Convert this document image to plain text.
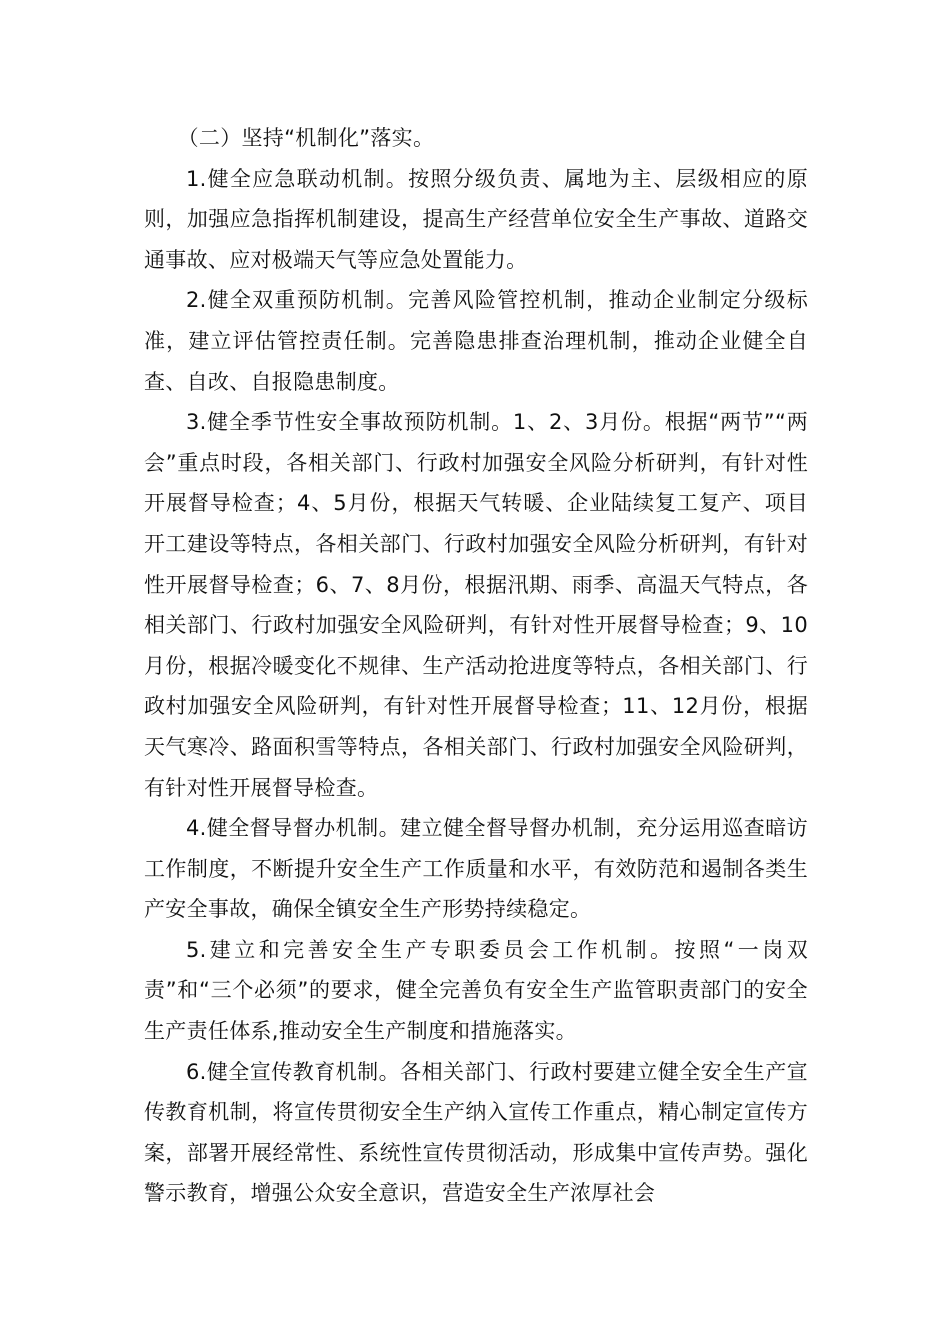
（二）坚持“机制化”落实。

1.健全应急联动机制。按照分级负责、属地为主、层级相应的原则，加强应急指挥机制建设，提高生产经营单位安全生产事故、道路交通事故、应对极端天气等应急处置能力。

2.健全双重预防机制。完善风险管控机制，推动企业制定分级标准，建立评估管控责任制。完善隐患排查治理机制，推动企业健全自查、自改、自报隐患制度。

3.健全季节性安全事故预防机制。1、2、3月份。根据“两节”“两会”重点时段，各相关部门、行政村加强安全风险分析研判，有针对性开展督导检查；4、5月份，根据天气转暖、企业陆续复工复产、项目开工建设等特点，各相关部门、行政村加强安全风险分析研判，有针对性开展督导检查；6、7、8月份，根据汛期、雨季、高温天气特点，各相关部门、行政村加强安全风险研判，有针对性开展督导检查；9、10月份，根据冷暖变化不规律、生产活动抢进度等特点，各相关部门、行政村加强安全风险研判，有针对性开展督导检查；11、12月份，根据天气寒冷、路面积雪等特点，各相关部门、行政村加强安全风险研判，有针对性开展督导检查。

4.健全督导督办机制。建立健全督导督办机制，充分运用巡查暗访工作制度，不断提升安全生产工作质量和水平，有效防范和遏制各类生产安全事故，确保全镇安全生产形势持续稳定。

5.建立和完善安全生产专职委员会工作机制。按照“一岗双责”和“三个必须”的要求，健全完善负有安全生产监管职责部门的安全生产责任体系,推动安全生产制度和措施落实。

6.健全宣传教育机制。各相关部门、行政村要建立健全安全生产宣传教育机制，将宣传贯彻安全生产纳入宣传工作重点，精心制定宣传方案，部署开展经常性、系统性宣传贯彻活动，形成集中宣传声势。强化警示教育，增强公众安全意识，营造安全生产浓厚社会
